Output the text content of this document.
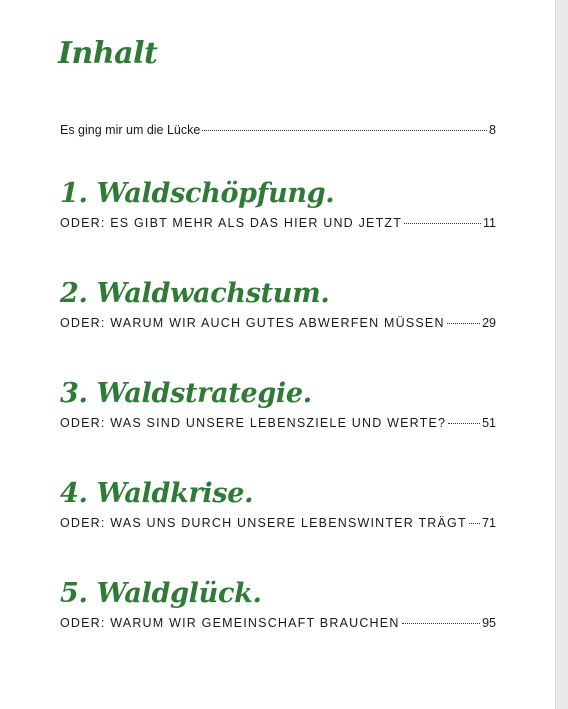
Inhalt
Es ging mir um die Lücke	8
1. Waldschöpfung.
ODER: ES GIBT MEHR ALS DAS HIER UND JETZT	11
2. Waldwachstum.
ODER: WARUM WIR AUCH GUTES ABWERFEN MÜSSEN	29
3. Waldstrategie.
ODER: WAS SIND UNSERE LEBENSZIELE UND WERTE?	51
4. Waldkrise.
ODER: WAS UNS DURCH UNSERE LEBENSWINTER TRÄGT 71
5. Waldglück.
ODER: WARUM WIR GEMEINSCHAFT BRAUCHEN	95
